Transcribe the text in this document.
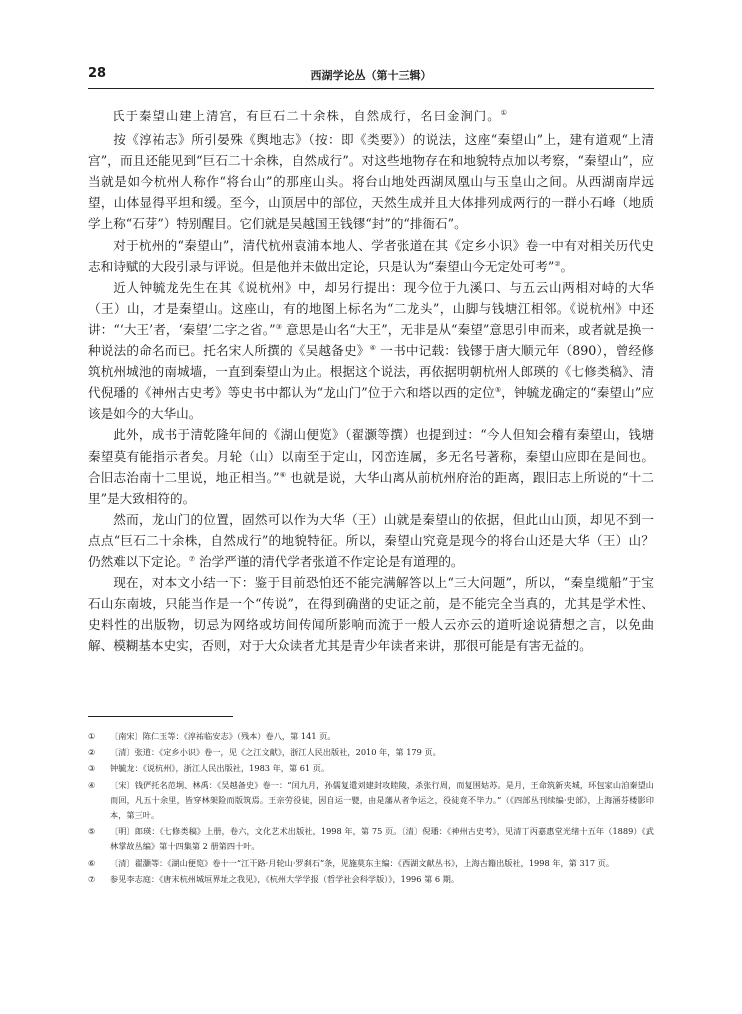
28	西湖学论丛（第十三辑）

氏于秦望山建上清宫，有巨石二十余株，自然成行，名曰金涧门。①

按《淳祐志》所引晏殊《舆地志》（按：即《类要》）的说法，这座“秦望山”上，建有道观“上清宫”，而且还能见到“巨石二十余株，自然成行”。对这些地物存在和地貌特点加以考察，“秦望山”，应当就是如今杭州人称作“将台山”的那座山头。将台山地处西湖凤凰山与玉皇山之间。从西湖南岸远望，山体显得平坦和缓。至今，山顶居中的部位，天然生成并且大体排列成两行的一群小石峰（地质学上称“石芽”）特别醒目。它们就是吴越国王钱镠“封”的“排衙石”。

对于杭州的“秦望山”，清代杭州袁浦本地人、学者张道在其《定乡小识》卷一中有对相关历代史志和诗赋的大段引录与评说。但是他并未做出定论，只是认为“秦望山今无定处可考”②。

近人钟毓龙先生在其《说杭州》中，却另行提出：现今位于九溪口、与五云山两相对峙的大华（王）山，才是秦望山。这座山，有的地图上标名为“二龙头”，山脚与钱塘江相邻。《说杭州》中还讲：“‘大王’者，‘秦望’二字之省。”③ 意思是山名“大王”，无非是从“秦望”意思引申而来，或者就是换一种说法的命名而已。托名宋人所撰的《吴越备史》④ 一书中记载：钱镠于唐大顺元年（890），曾经修筑杭州城池的南城墙，一直到秦望山为止。根据这个说法，再依据明朝杭州人郎瑛的《七修类稿》、清代倪璠的《神州古史考》等史书中都认为“龙山门”位于六和塔以西的定位⑤，钟毓龙确定的“秦望山”应该是如今的大华山。

此外，成书于清乾隆年间的《湖山便览》（翟灏等撰）也提到过：“今人但知会稽有秦望山，钱塘秦望莫有能指示者矣。月轮（山）以南至于定山，冈峦连属，多无名号著称，秦望山应即在是间也。合旧志治南十二里说，地正相当。”⑥ 也就是说，大华山离从前杭州府治的距离，跟旧志上所说的“十二里”是大致相符的。

然而，龙山门的位置，固然可以作为大华（王）山就是秦望山的依据，但此山山顶，却见不到一点点“巨石二十余株，自然成行”的地貌特征。所以，秦望山究竟是现今的将台山还是大华（王）山？仍然难以下定论。⑦ 治学严谨的清代学者张道不作定论是有道理的。

现在，对本文小结一下：鉴于目前恐怕还不能完满解答以上“三大问题”，所以，“秦皇缆船”于宝石山东南坡，只能当作是一个“传说”，在得到确凿的史证之前，是不能完全当真的，尤其是学术性、史料性的出版物，切忌为网络或坊间传闻所影响而流于一般人云亦云的道听途说猜想之言，以免曲解、模糊基本史实，否则，对于大众读者尤其是青少年读者来讲，那很可能是有害无益的。

① 〔南宋〕陈仁玉等：《淳祐临安志》（残本）卷八，第 141 页。
② 〔清〕张道：《定乡小识》卷一，见《之江文献》，浙江人民出版社，2010 年，第 179 页。
③ 钟毓龙：《说杭州》，浙江人民出版社，1983 年，第 61 页。
④ 〔宋〕钱俨托名范坰、林禹：《吴越备史》卷一：“闰九月，孙儒复遣刘建封攻睦陵，杀张行周，而复围姑苏。是月，王命筑新夹城，环包家山洎秦望山而回，凡五十余里，皆穿林架险而版筑焉。王亲劳役徒，因自运一甓，由是藩从者争运之，役徒竟不毕力。”（《四部丛刊续编·史部》，上海涵芬楼影印本，第三叶。
⑤ 〔明〕郎瑛：《七修类稿》上册，卷六，文化艺术出版社，1998 年，第 75 页。〔清〕倪璠：《神州古史考》，见清丁丙嘉惠堂光绪十五年（1889）《武林掌故丛编》第十四集第 2 册第四十叶。
⑥ 〔清〕翟灏等：《湖山便览》卷十一“江干路·月轮山·罗刹石”条，见施莫东主编：《西湖文献丛书》，上海古籍出版社，1998 年，第 317 页。
⑦ 参见李志庭：《唐末杭州城垣界址之我见》，《杭州大学学报（哲学社会科学版）》，1996 第 6 期。
